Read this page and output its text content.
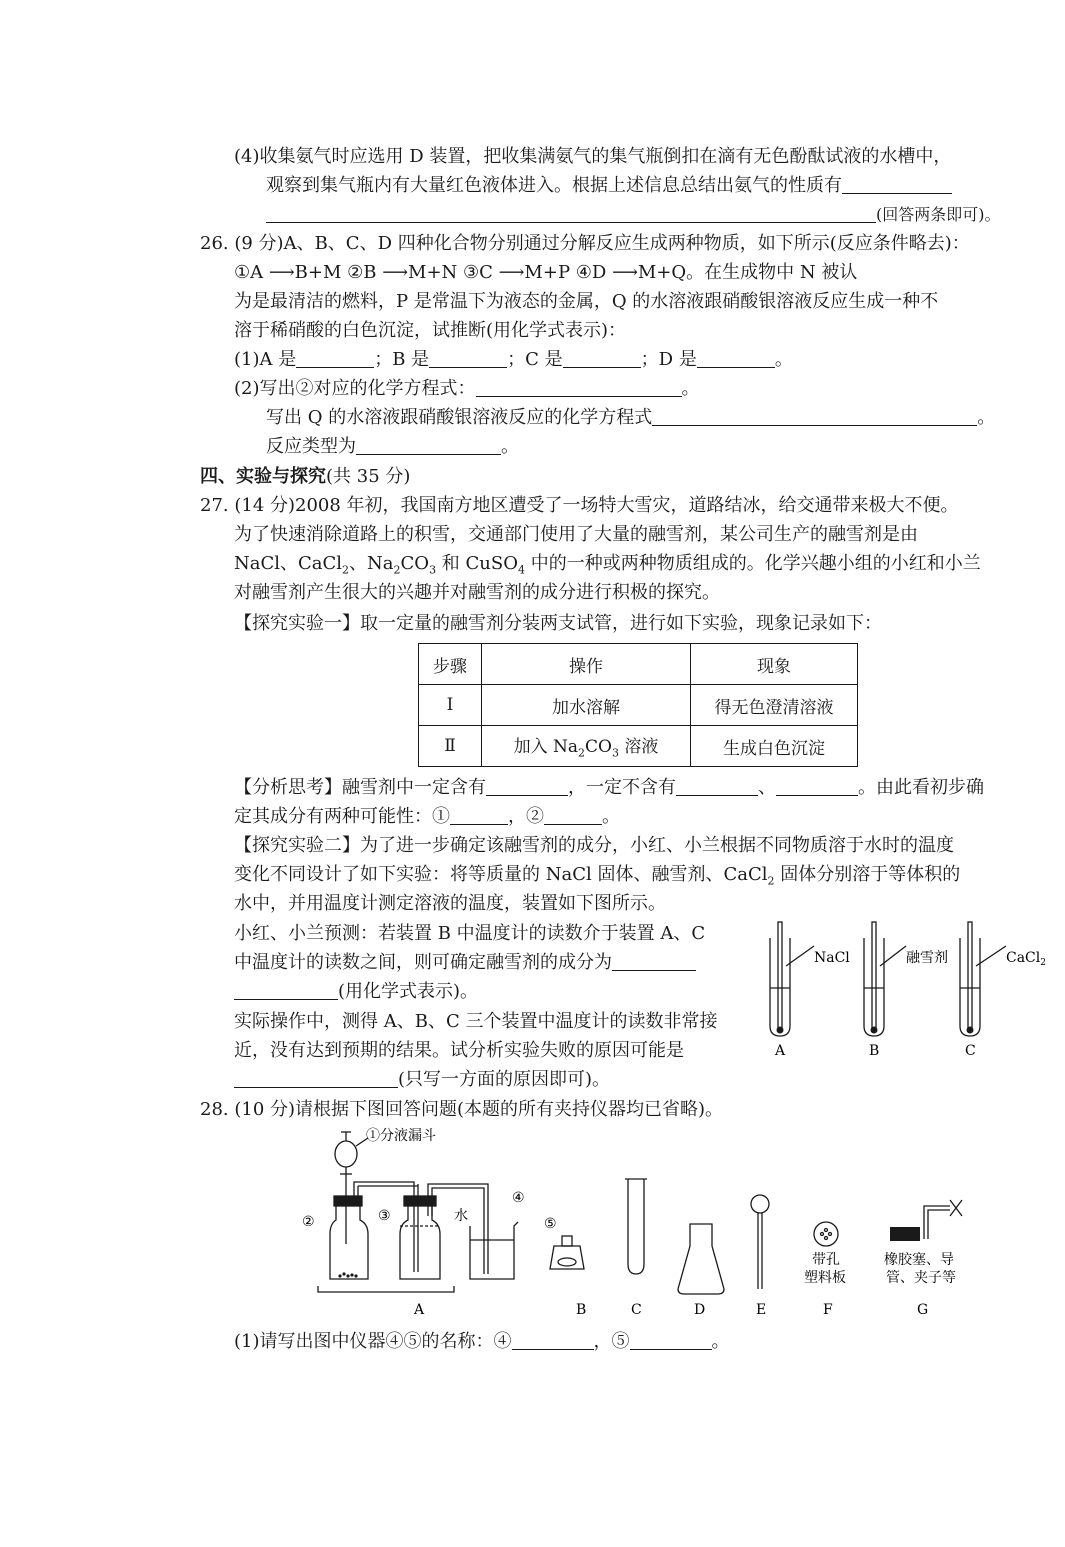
(4)收集氨气时应选用 D 装置，把收集满氨气的集气瓶倒扣在滴有无色酚酞试液的水槽中，
观察到集气瓶内有大量红色液体进入。根据上述信息总结出氨气的性质有
(回答两条即可)。
26. (9 分)A、B、C、D 四种化合物分别通过分解反应生成两种物质，如下所示(反应条件略去)：
①A ⟶B+M ②B ⟶M+N ③C ⟶M+P ④D ⟶M+Q。在生成物中 N 被认
为是最清洁的燃料，P 是常温下为液态的金属，Q 的水溶液跟硝酸银溶液反应生成一种不
溶于稀硝酸的白色沉淀，试推断(用化学式表示)：
(1)A 是	；B 是	；C 是	；D 是	。
(2)写出②对应的化学方程式：	。
写出 Q 的水溶液跟硝酸银溶液反应的化学方程式	。
反应类型为	。
四、实验与探究(共 35 分)
27. (14 分)2008 年初，我国南方地区遭受了一场特大雪灾，道路结冰，给交通带来极大不便。
为了快速消除道路上的积雪，交通部门使用了大量的融雪剂，某公司生产的融雪剂是由
NaCl、CaCl$_2$、$Na_2CO_3$ 和 CuSO$_4$ 中的一种或两种物质组成的。化学兴趣小组的小红和小兰
对融雪剂产生很大的兴趣并对融雪剂的成分进行积极的探究。
【探究实验一】取一定量的融雪剂分装两支试管，进行如下实验，现象记录如下：
步骤	操作	现象
Ⅰ	加水溶解	得无色澄清溶液
Ⅱ	加入 $Na_2CO_3$ 溶液	生成白色沉淀
【分析思考】融雪剂中一定含有	，一定不含有	、	。由此看初步确
定其成分有两种可能性：①	，②	。
【探究实验二】为了进一步确定该融雪剂的成分，小红、小兰根据不同物质溶于水时的温度
变化不同设计了如下实验：将等质量的 NaCl 固体、融雪剂、CaCl$_2$ 固体分别溶于等体积的
水中，并用温度计测定溶液的温度，装置如下图所示。
小红、小兰预测：若装置 B 中温度计的读数介于装置 A、C
中温度计的读数之间，则可确定融雪剂的成分为
(用化学式表示)。
实际操作中，测得 A、B、C 三个装置中温度计的读数非常接
近，没有达到预期的结果。试分析实验失败的原因可能是
(只写一方面的原因即可)。
NaCl	融雪剂	CaCl$_2$
A	B	C
28. (10 分)请根据下图回答问题(本题的所有夹持仪器均已省略)。
①分液漏斗
②	③
④
⑤
水
A	B	C	D	E	F	G
带孔
塑料板
橡胶塞、导
管、夹子等
(1)请写出图中仪器④⑤的名称：④	，⑤	。
